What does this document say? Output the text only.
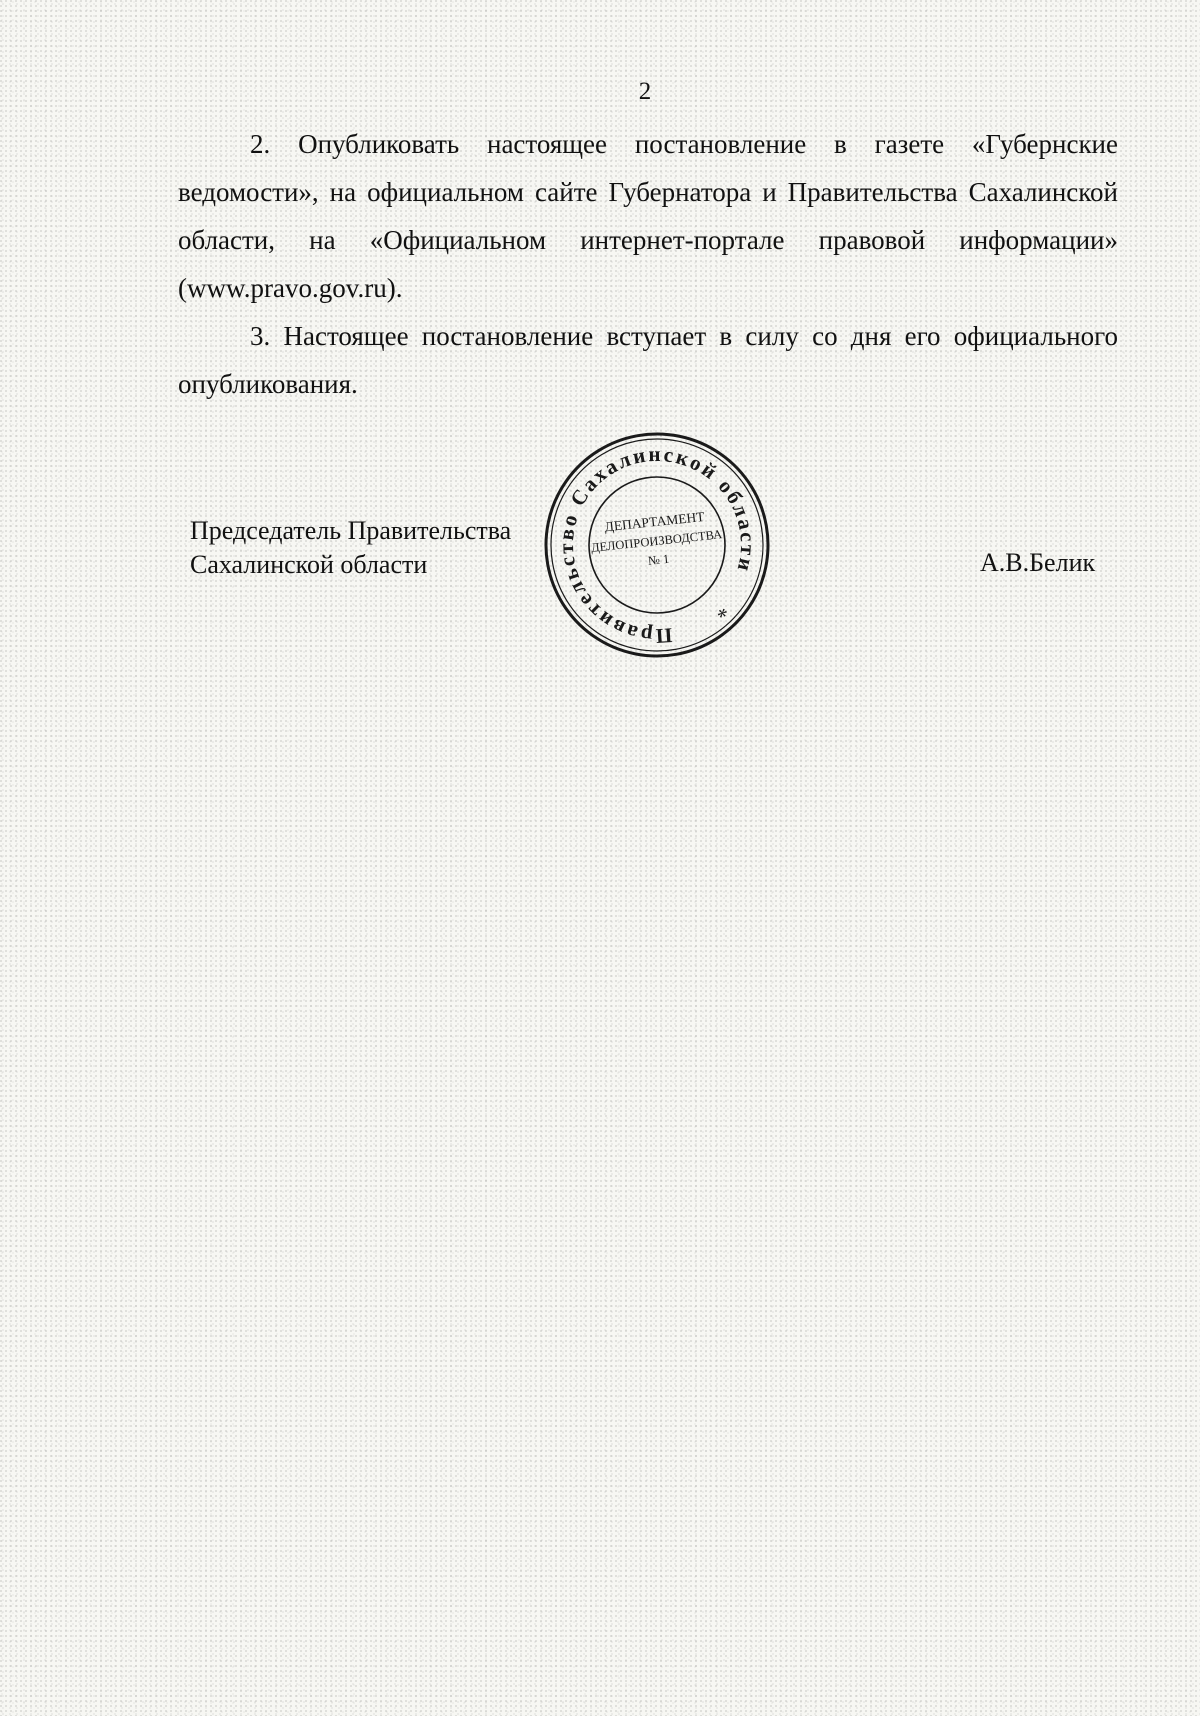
2

2. Опубликовать настоящее постановление в газете «Губернские ведомости», на официальном сайте Губернатора и Правительства Сахалинской области, на «Официальном интернет-портале правовой информации» (www.pravo.gov.ru).

3. Настоящее постановление вступает в силу со дня его официального опубликования.

Председатель Правительства
Сахалинской области
Правительство Сахалинской области
*
ДЕПАРТАМЕНТ
ДЕЛОПРОИЗВОДСТВА
№ 1	А.В.Белик
